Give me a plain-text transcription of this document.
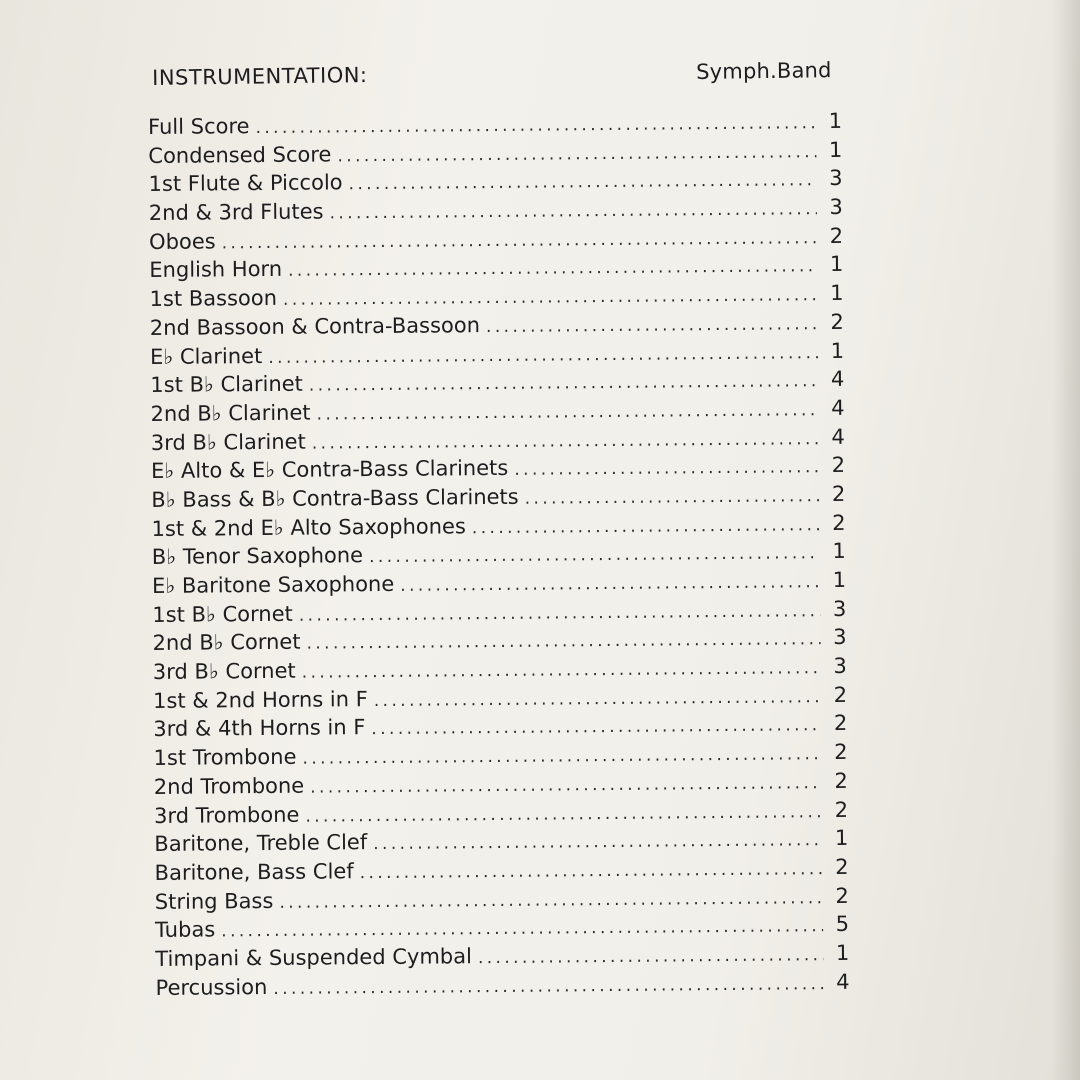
INSTRUMENTATION:	Symph.Band
Full Score . . .	1
Condensed Score . . .	1
1st Flute & Piccolo . . .	3
2nd & 3rd Flutes . . .	3
Oboes . . .	2
English Horn . . .	1
1st Bassoon . . .	1
2nd Bassoon & Contra-Bassoon . . .	2
E♭ Clarinet . . .	1
1st B♭ Clarinet . . .	4
2nd B♭ Clarinet . . .	4
3rd B♭ Clarinet . . .	4
E♭ Alto & E♭ Contra-Bass Clarinets . . .	2
B♭ Bass & B♭ Contra-Bass Clarinets . . .	2
1st & 2nd E♭ Alto Saxophones . . .	2
B♭ Tenor Saxophone . . .	1
E♭ Baritone Saxophone . . .	1
1st B♭ Cornet . . .	3
2nd B♭ Cornet . . .	3
3rd B♭ Cornet . . .	3
1st & 2nd Horns in F . . .	2
3rd & 4th Horns in F . . .	2
1st Trombone . . .	2
2nd Trombone . . .	2
3rd Trombone . . .	2
Baritone, Treble Clef . . .	1
Baritone, Bass Clef . . .	2
String Bass . . .	2
Tubas . . .	5
Timpani & Suspended Cymbal . . .	1
Percussion . . .	4
